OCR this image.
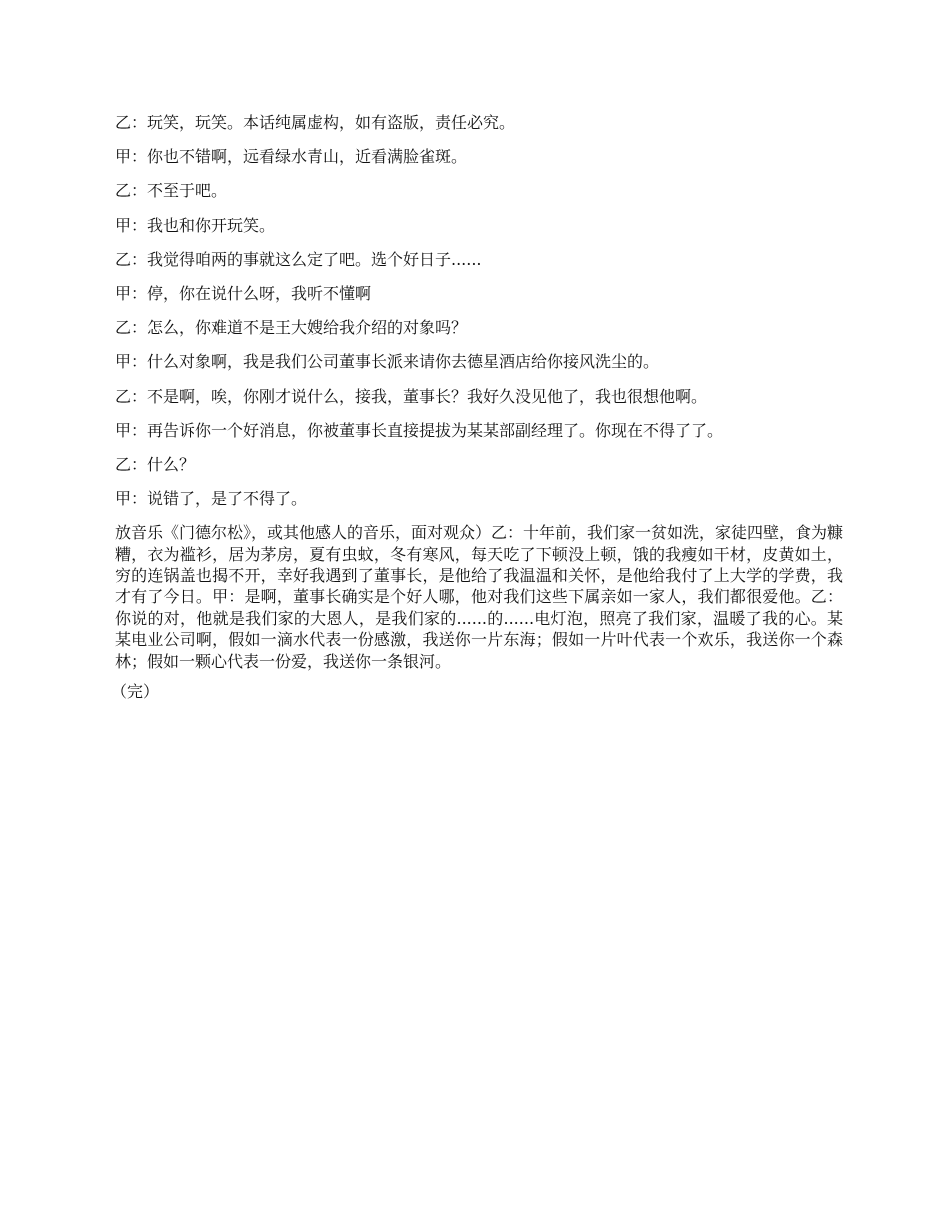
乙：玩笑，玩笑。本话纯属虚构，如有盗版，责任必究。

甲：你也不错啊，远看绿水青山，近看满脸雀斑。

乙：不至于吧。

甲：我也和你开玩笑。

乙：我觉得咱两的事就这么定了吧。选个好日子......

甲：停，你在说什么呀，我听不懂啊

乙：怎么，你难道不是王大嫂给我介绍的对象吗？

甲：什么对象啊，我是我们公司董事长派来请你去德星酒店给你接风洗尘的。

乙：不是啊，唉，你刚才说什么，接我，董事长？我好久没见他了，我也很想他啊。

甲：再告诉你一个好消息，你被董事长直接提拔为某某部副经理了。你现在不得了了。

乙：什么？

甲：说错了，是了不得了。

放音乐《门德尔松》，或其他感人的音乐，面对观众）乙：十年前，我们家一贫如洗，家徒四壁，食为糠糟，衣为褴衫，居为茅房，夏有虫蚊，冬有寒风，每天吃了下顿没上顿，饿的我瘦如干材，皮黄如土，穷的连锅盖也揭不开，幸好我遇到了董事长，是他给了我温温和关怀，是他给我付了上大学的学费，我才有了今日。甲：是啊，董事长确实是个好人哪，他对我们这些下属亲如一家人，我们都很爱他。乙：你说的对，他就是我们家的大恩人，是我们家的......的......电灯泡，照亮了我们家，温暖了我的心。某某电业公司啊，假如一滴水代表一份感激，我送你一片东海；假如一片叶代表一个欢乐，我送你一个森林；假如一颗心代表一份爱，我送你一条银河。

（完）
